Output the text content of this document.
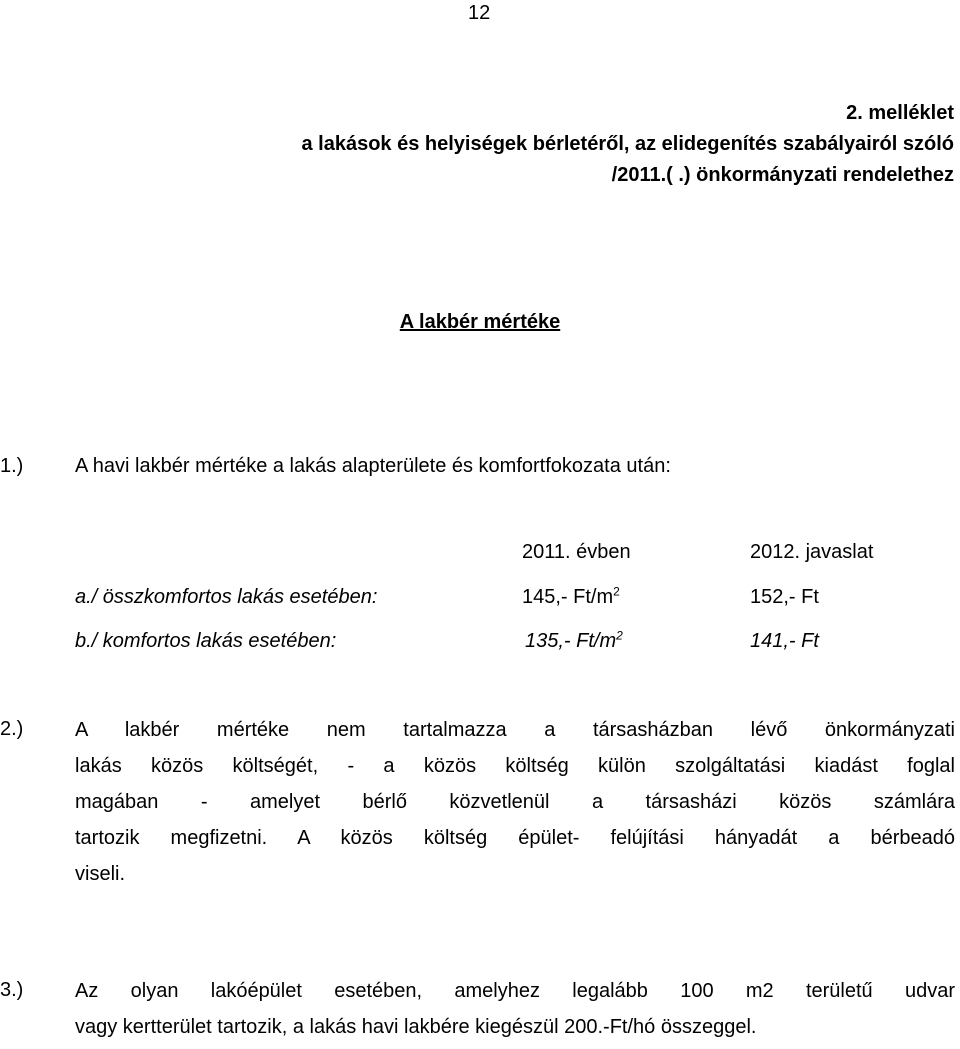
12
2. melléklet
a lakások és helyiségek bérletéről, az elidegenítés szabályairól szóló
/2011.( .) önkormányzati rendelethez
A lakbér mértéke
1.)	A havi lakbér mértéke a lakás alapterülete és komfortfokozata után:
2011. évben	2012. javaslat
a./ összkomfortos lakás esetében:	145,- $Ft/m^2$	152,- Ft
b./ komfortos lakás esetében:	135,- $Ft/m^2$	141,- Ft
2.)	A lakbér mértéke nem tartalmazza a társasházban lévő önkormányzati
lakás közös költségét, - a közös költség külön szolgáltatási kiadást foglal
magában - amelyet bérlő közvetlenül a társasházi közös számlára
tartozik megfizetni. A közös költség épület- felújítási hányadát a bérbeadó
viseli.
3.)	Az olyan lakóépület esetében, amelyhez legalább 100 m2 területű udvar
vagy kertterület tartozik, a lakás havi lakbére kiegészül 200.-Ft/hó összeggel.
